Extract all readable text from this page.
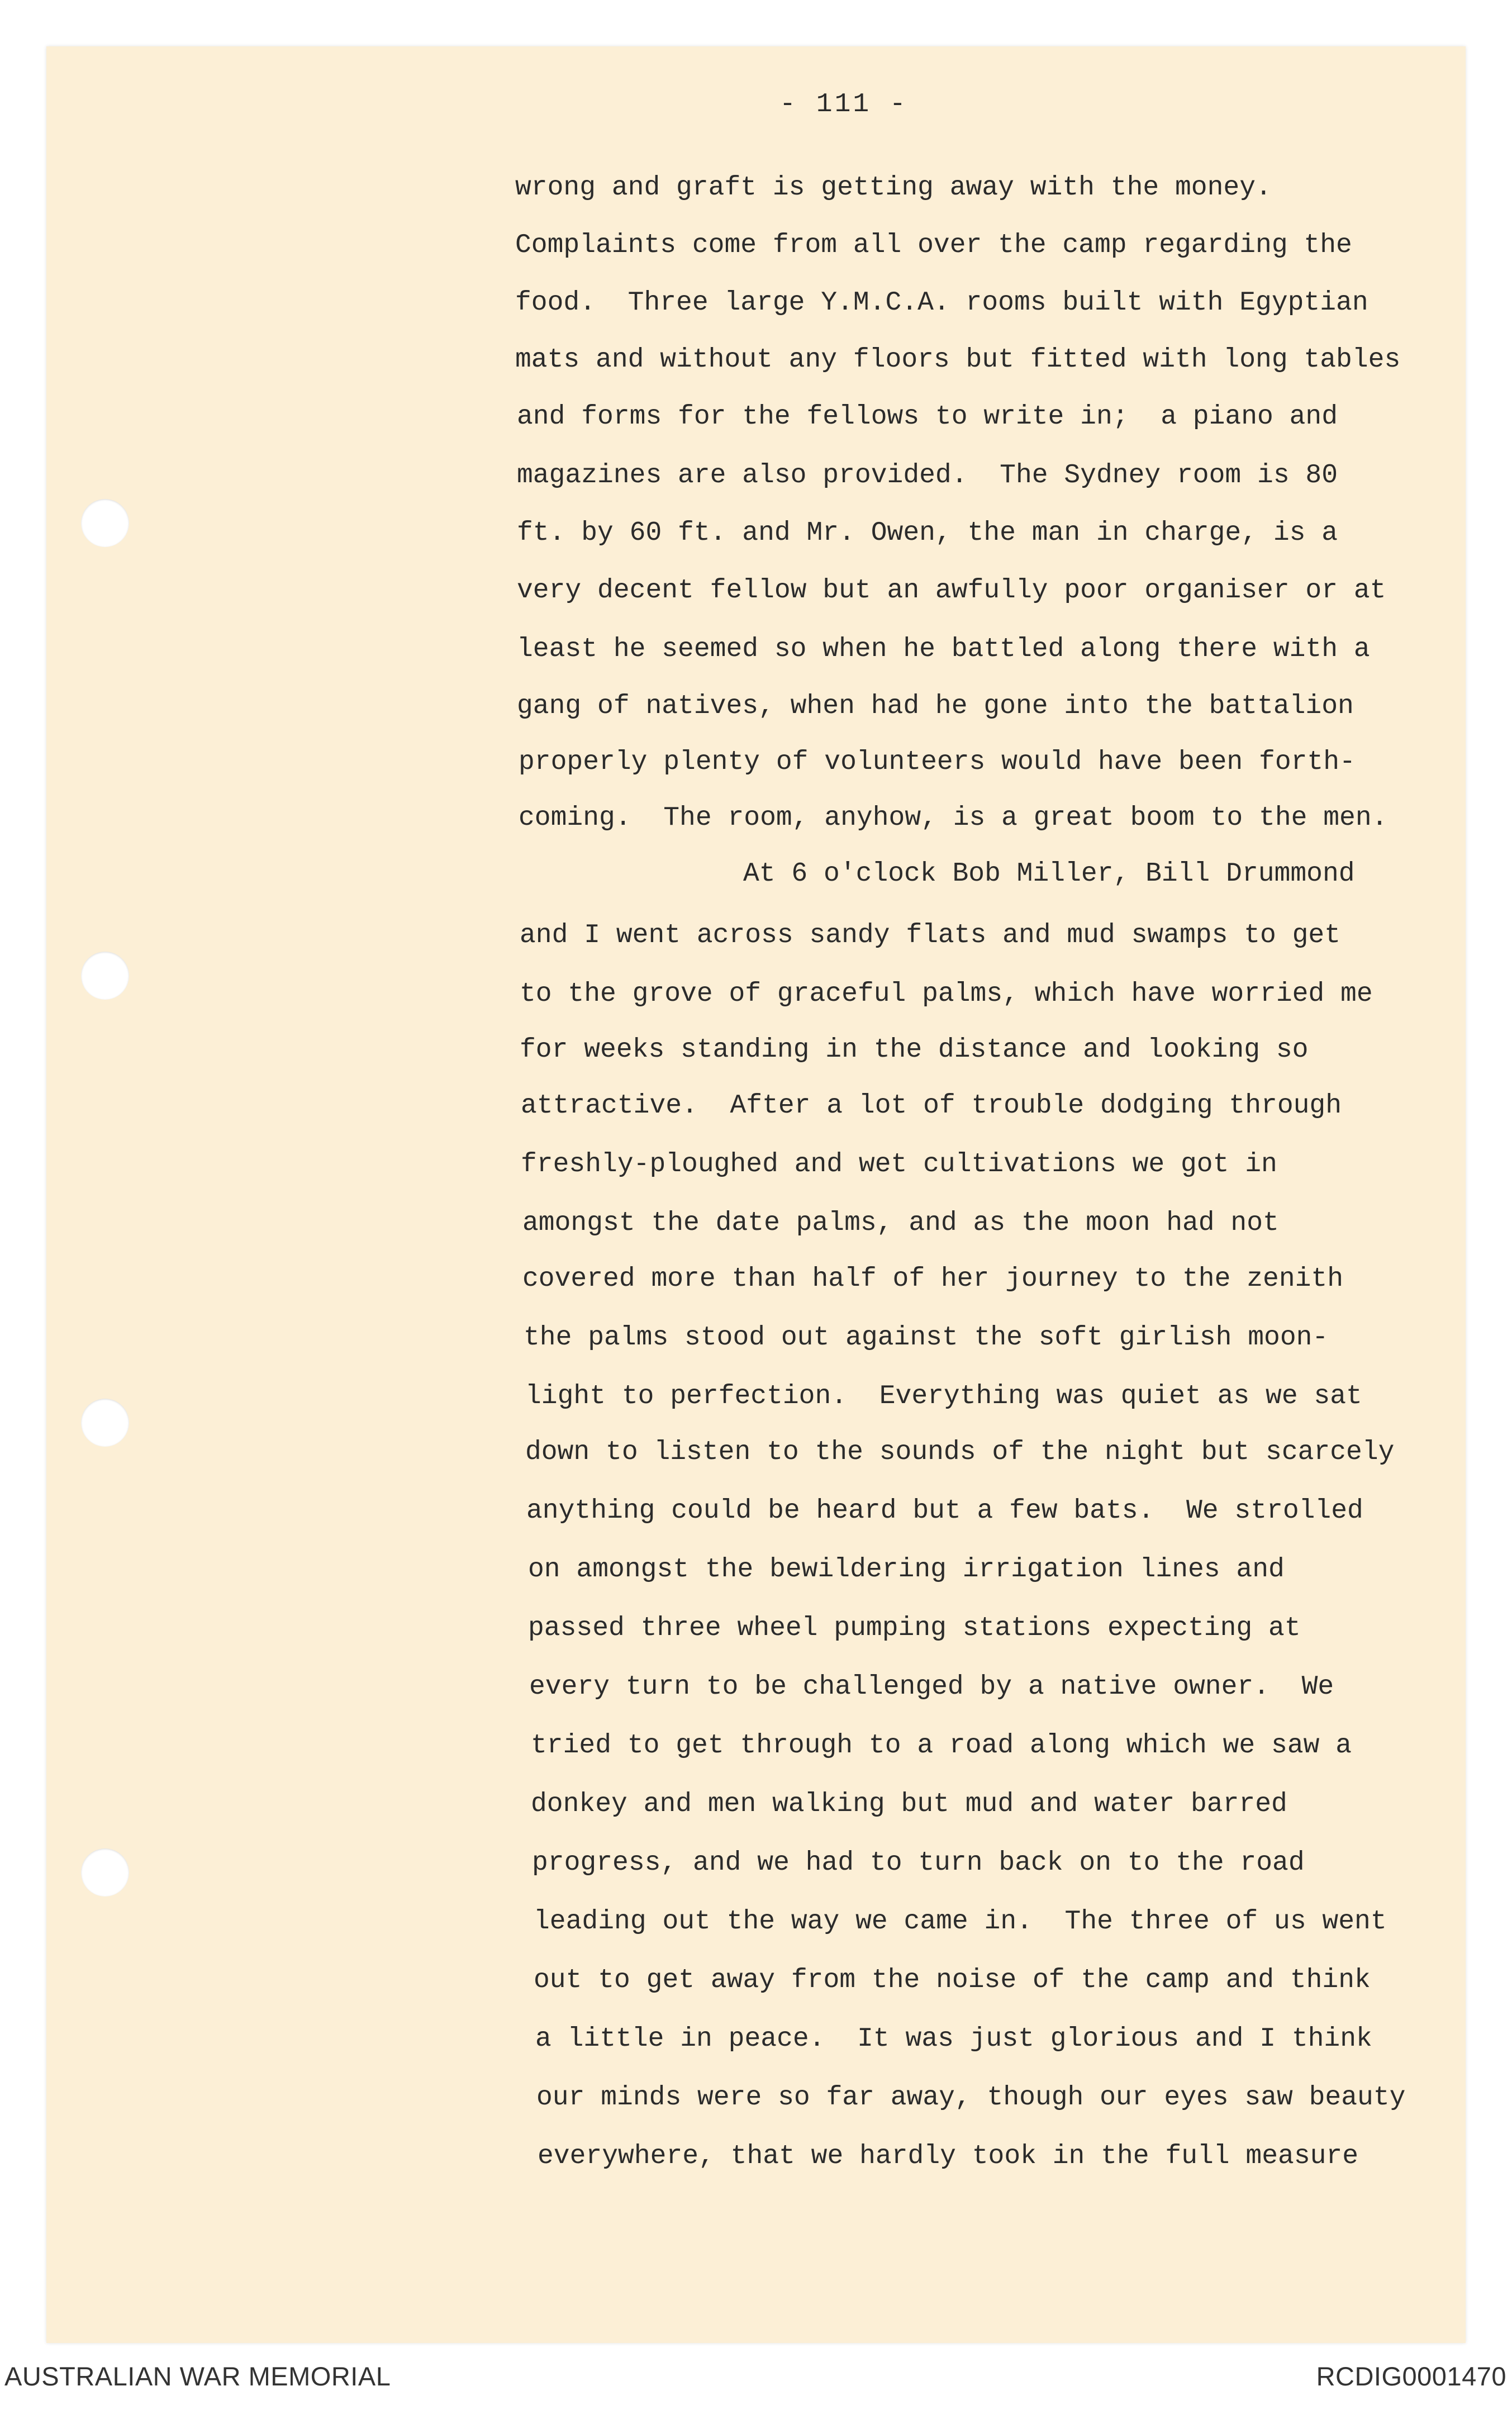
- 111 -
wrong and graft is getting away with the money.
Complaints come from all over the camp regarding the
food.  Three large Y.M.C.A. rooms built with Egyptian
mats and without any floors but fitted with long tables
and forms for the fellows to write in;  a piano and
magazines are also provided.  The Sydney room is 80
ft. by 60 ft. and Mr. Owen, the man in charge, is a
very decent fellow but an awfully poor organiser or at
least he seemed so when he battled along there with a
gang of natives, when had he gone into the battalion
properly plenty of volunteers would have been forth-
coming.  The room, anyhow, is a great boom to the men.
At 6 o'clock Bob Miller, Bill Drummond
and I went across sandy flats and mud swamps to get
to the grove of graceful palms, which have worried me
for weeks standing in the distance and looking so
attractive.  After a lot of trouble dodging through
freshly-ploughed and wet cultivations we got in
amongst the date palms, and as the moon had not
covered more than half of her journey to the zenith
the palms stood out against the soft girlish moon-
light to perfection.  Everything was quiet as we sat
down to listen to the sounds of the night but scarcely
anything could be heard but a few bats.  We strolled
on amongst the bewildering irrigation lines and
passed three wheel pumping stations expecting at
every turn to be challenged by a native owner.  We
tried to get through to a road along which we saw a
donkey and men walking but mud and water barred
progress, and we had to turn back on to the road
leading out the way we came in.  The three of us went
out to get away from the noise of the camp and think
a little in peace.  It was just glorious and I think
our minds were so far away, though our eyes saw beauty
everywhere, that we hardly took in the full measure
AUSTRALIAN WAR MEMORIAL	RCDIG0001470
